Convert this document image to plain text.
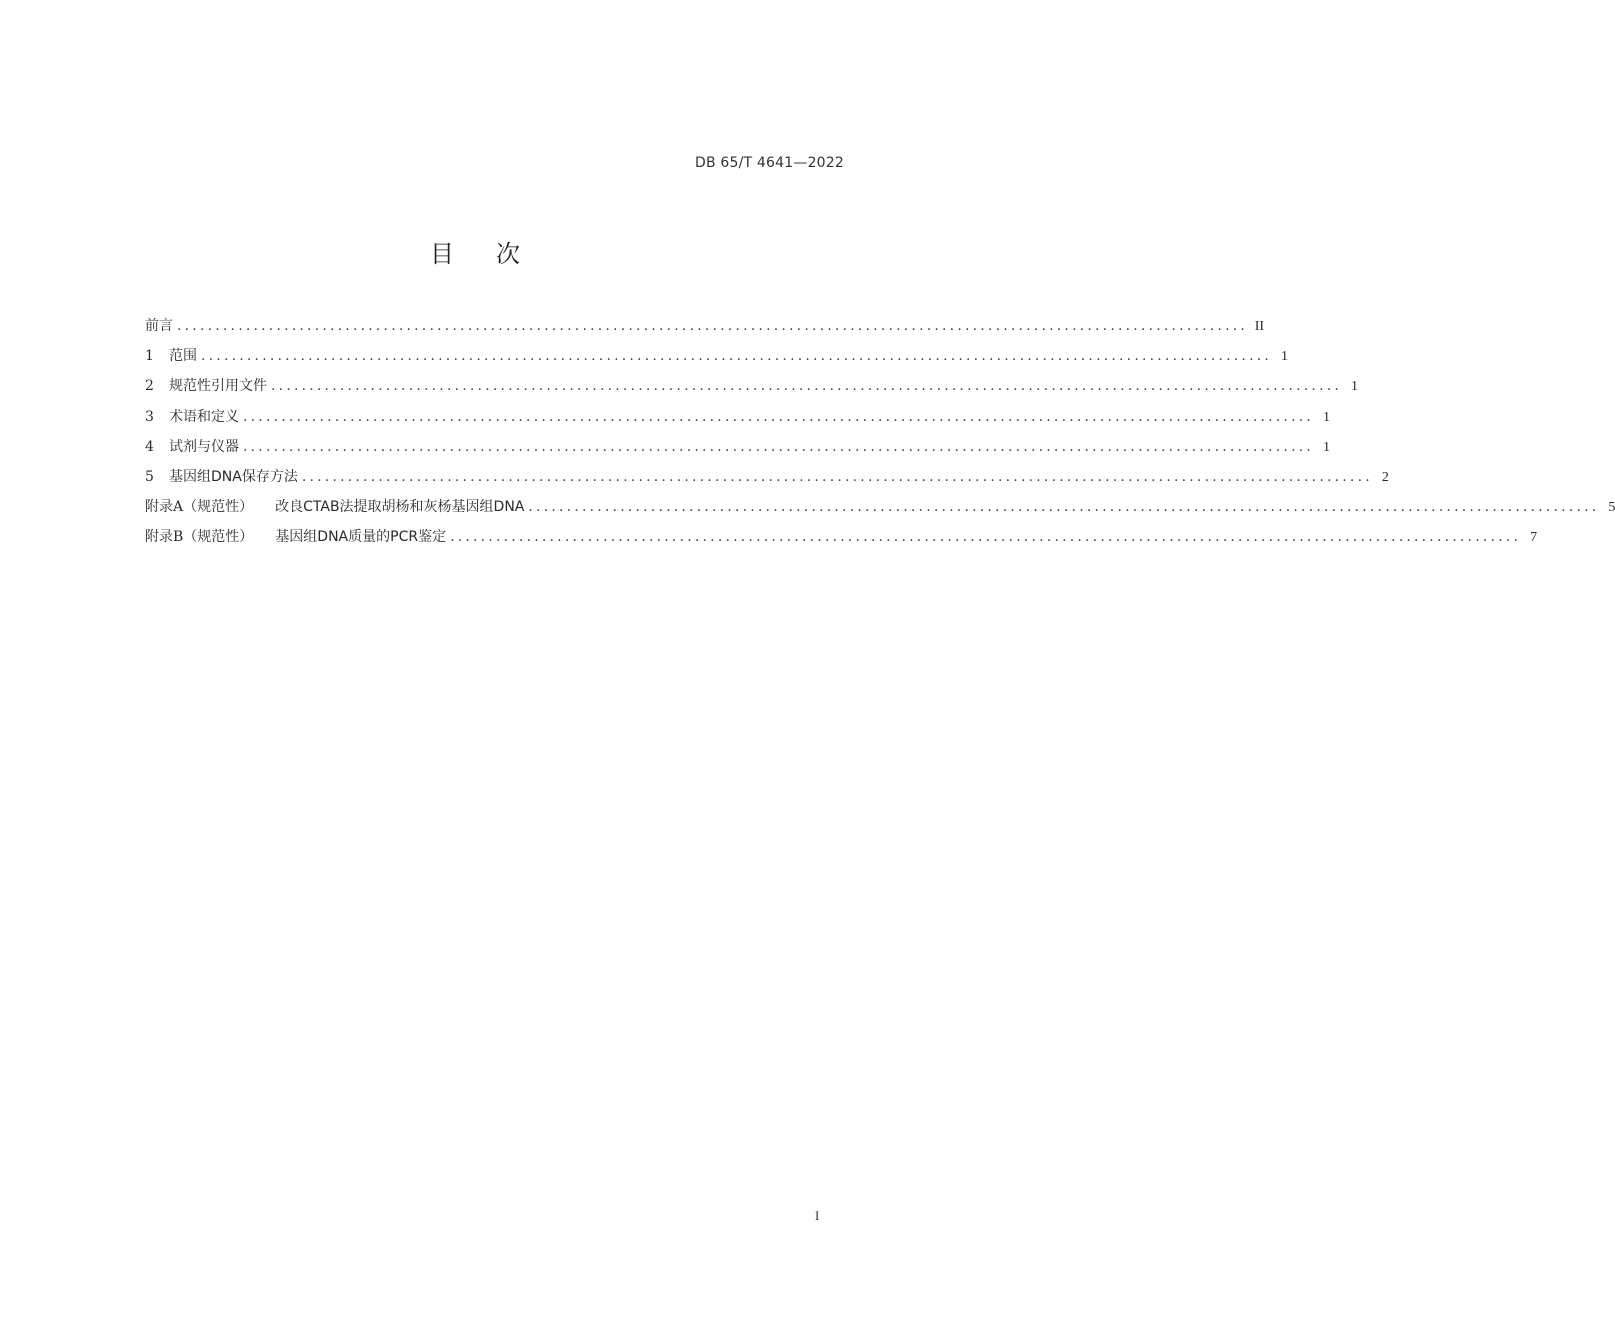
DB 65/T 4641—2022
目 次
前言 ............................................................................................................................................ II
1	范围 ............................................................................................................................................ 1
2	规范性引用文件 ............................................................................................................................................ 1
3	术语和定义 ............................................................................................................................................ 1
4	试剂与仪器 ............................................................................................................................................ 1
5	基因组DNA保存方法 ............................................................................................................................................ 2
附录A（规范性） 改良CTAB法提取胡杨和灰杨基因组DNA ............................................................................................................................................ 5
附录B（规范性） 基因组DNA质量的PCR鉴定 ............................................................................................................................................ 7
I
